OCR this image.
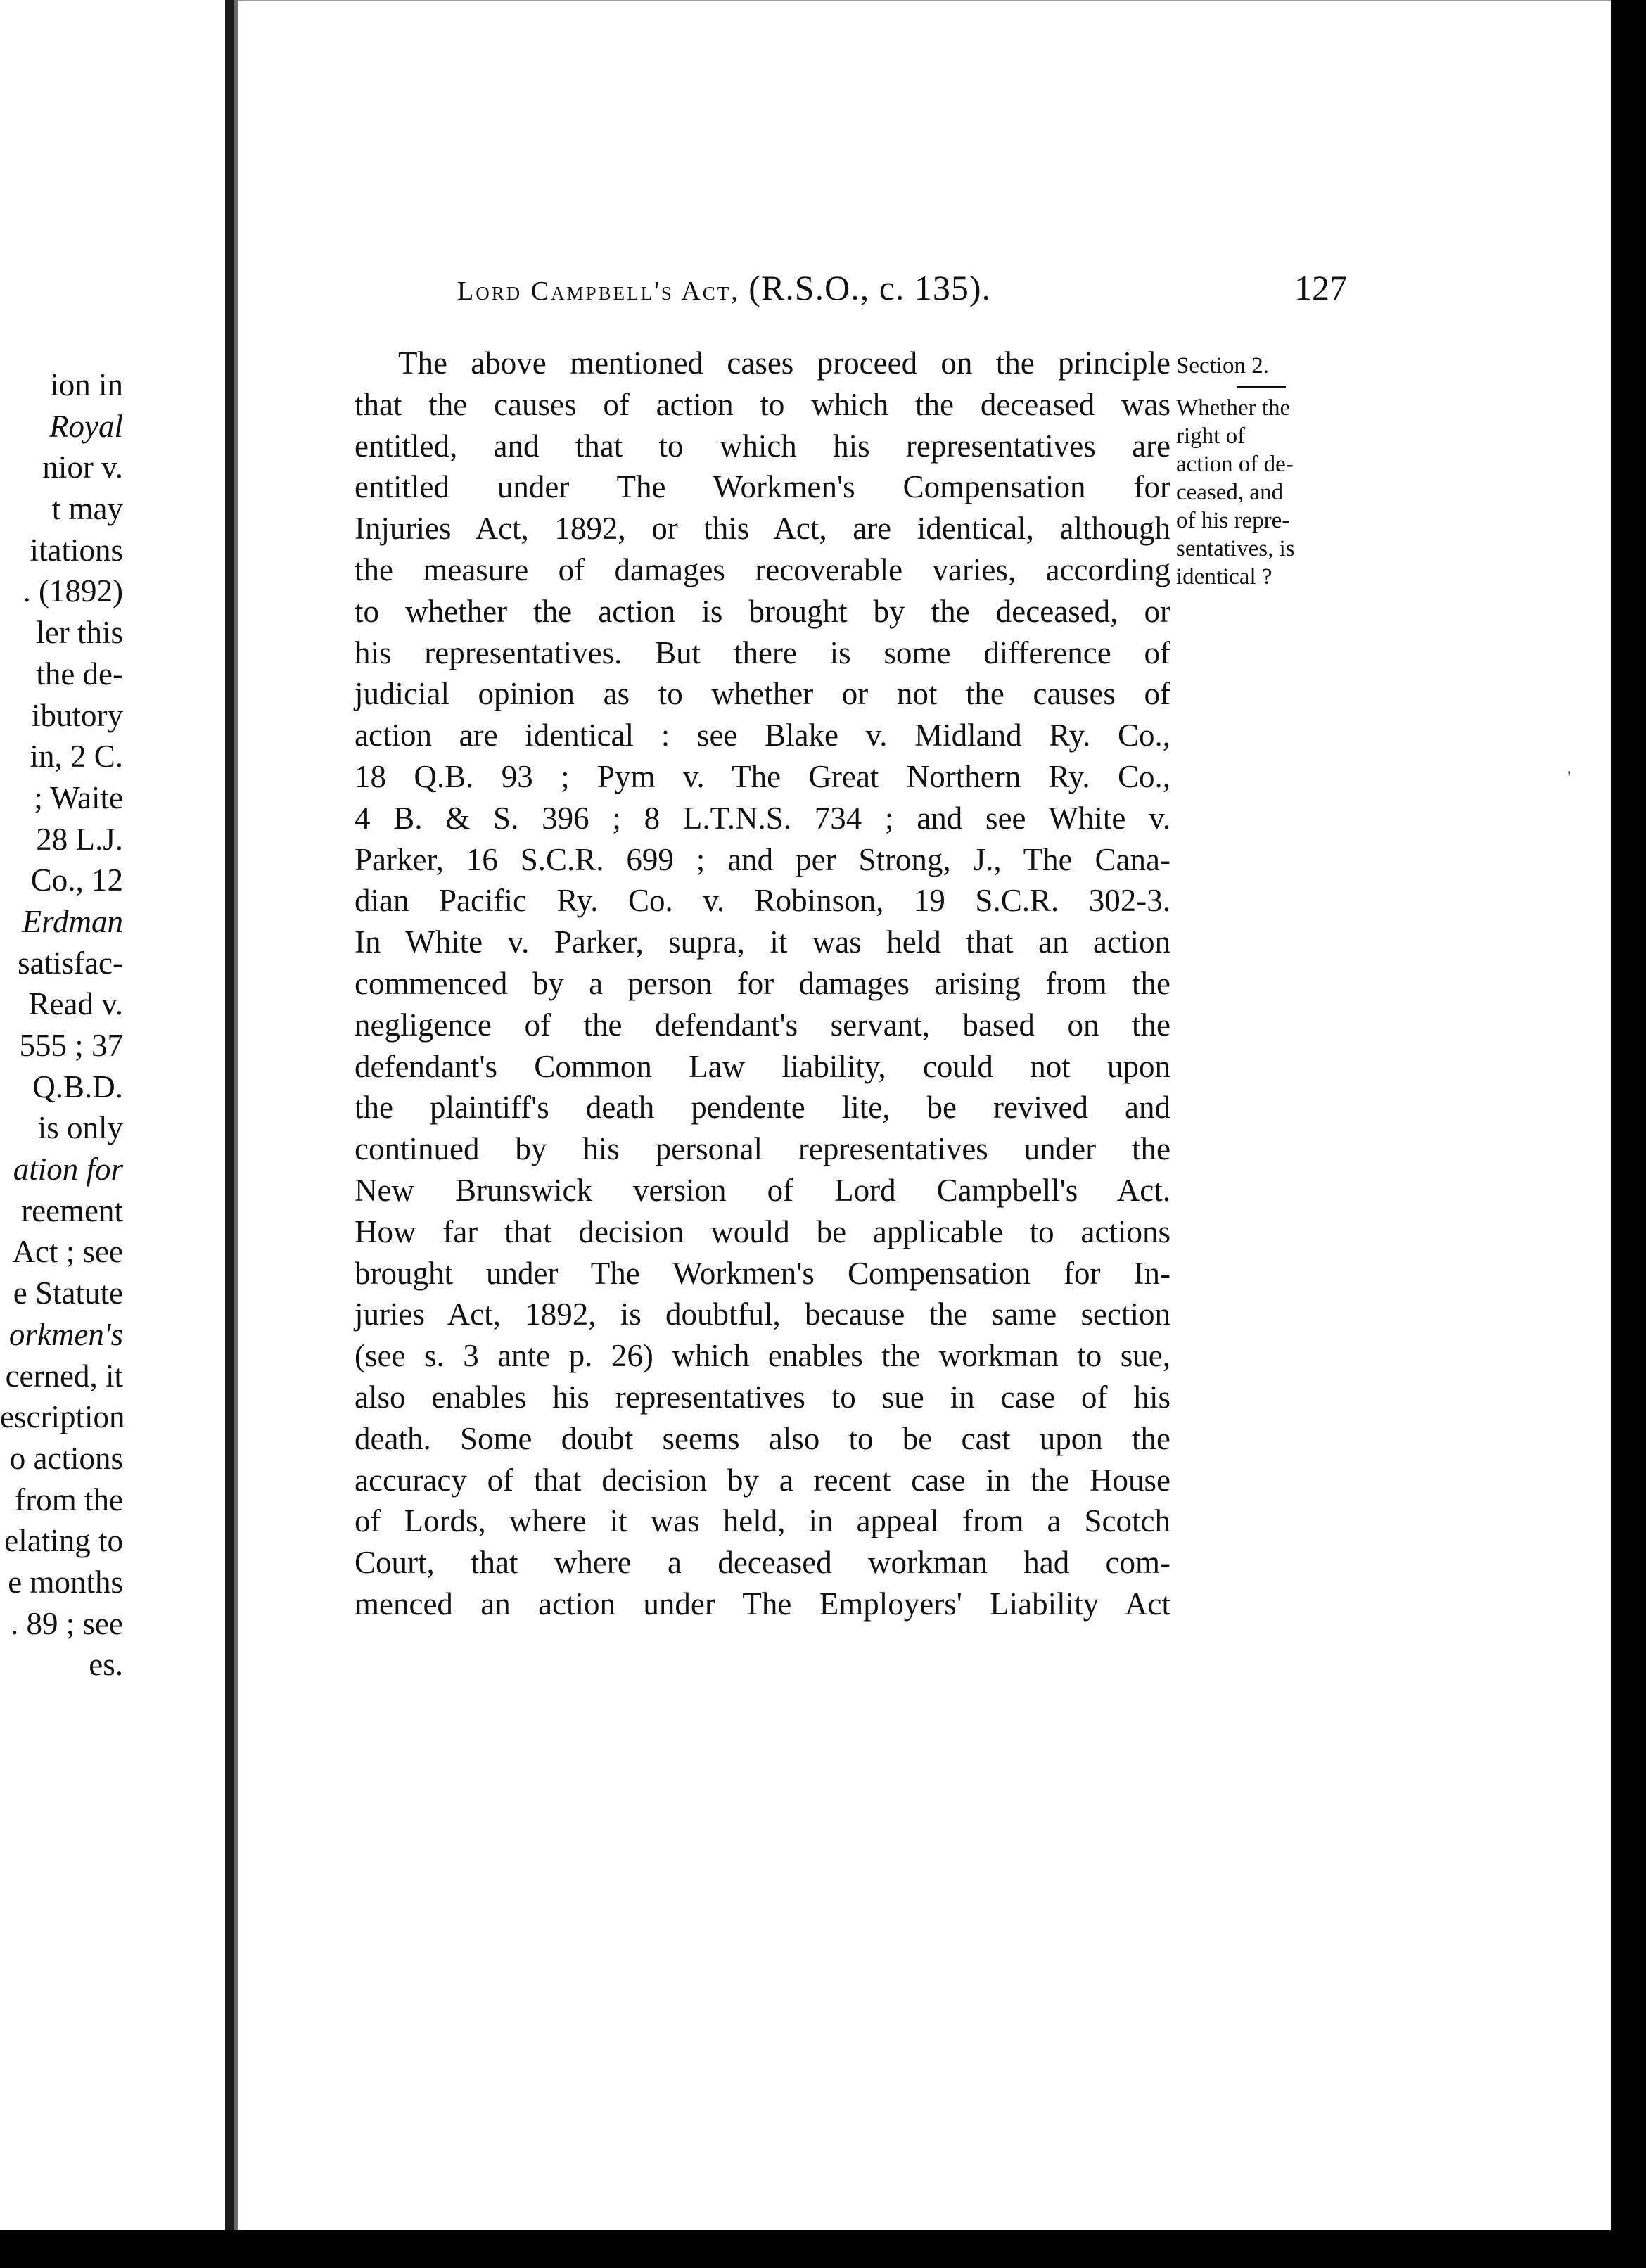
ion in
Royal
nior v.
t may
itations
. (1892)
ler this
the de-
ibutory
in, 2 C.
; Waite
28 L.J.
Co., 12
Erdman
satisfac-
Read v.
555 ; 37
Q.B.D.
is only
ation for
reement
Act ; see
e Statute
orkmen's
cerned, it
escription
o actions
from the
elating to
e months
. 89 ; see
es.
Lord Campbell's Act, (R.S.O., c. 135).	127
Section 2.
Whether the
right of
action of de-
ceased, and
of his repre-
sentatives, is
identical ?
The above mentioned cases proceed on the principle
that the causes of action to which the deceased was
entitled, and that to which his representatives are
entitled under The Workmen's Compensation for
Injuries Act, 1892, or this Act, are identical, although
the measure of damages recoverable varies, according
to whether the action is brought by the deceased, or
his representatives. But there is some difference of
judicial opinion as to whether or not the causes of
action are identical : see Blake v. Midland Ry. Co.,
18 Q.B. 93 ; Pym v. The Great Northern Ry. Co.,
4 B. & S. 396 ; 8 L.T.N.S. 734 ; and see White v.
Parker, 16 S.C.R. 699 ; and per Strong, J., The Cana-
dian Pacific Ry. Co. v. Robinson, 19 S.C.R. 302-3.
In White v. Parker, supra, it was held that an action
commenced by a person for damages arising from the
negligence of the defendant's servant, based on the
defendant's Common Law liability, could not upon
the plaintiff's death pendente lite, be revived and
continued by his personal representatives under the
New Brunswick version of Lord Campbell's Act.
How far that decision would be applicable to actions
brought under The Workmen's Compensation for In-
juries Act, 1892, is doubtful, because the same section
(see s. 3 ante p. 26) which enables the workman to sue,
also enables his representatives to sue in case of his
death. Some doubt seems also to be cast upon the
accuracy of that decision by a recent case in the House
of Lords, where it was held, in appeal from a Scotch
Court, that where a deceased workman had com-
menced an action under The Employers' Liability Act
'
